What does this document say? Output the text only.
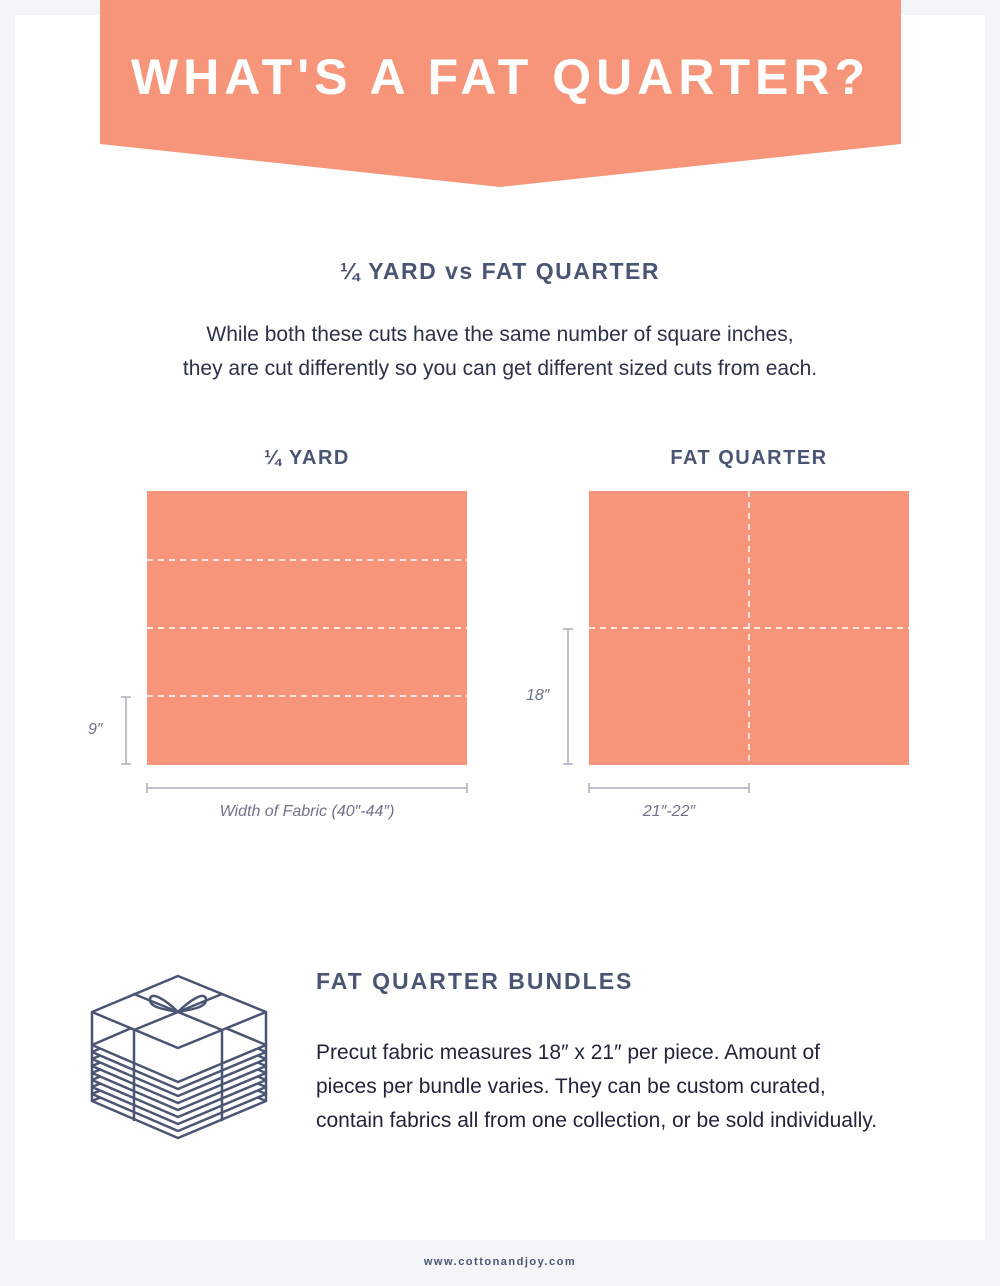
WHAT'S A FAT QUARTER?
¼ YARD vs FAT QUARTER
While both these cuts have the same number of square inches,
they are cut differently so you can get different sized cuts from each.
¼ YARD	FAT QUARTER
9″
Width of Fabric (40″-44″)
18″
21″-22″
FAT QUARTER BUNDLES
Precut fabric measures 18″ x 21″ per piece. Amount of
pieces per bundle varies. They can be custom curated,
contain fabrics all from one collection, or be sold individually.
www.cottonandjoy.com
